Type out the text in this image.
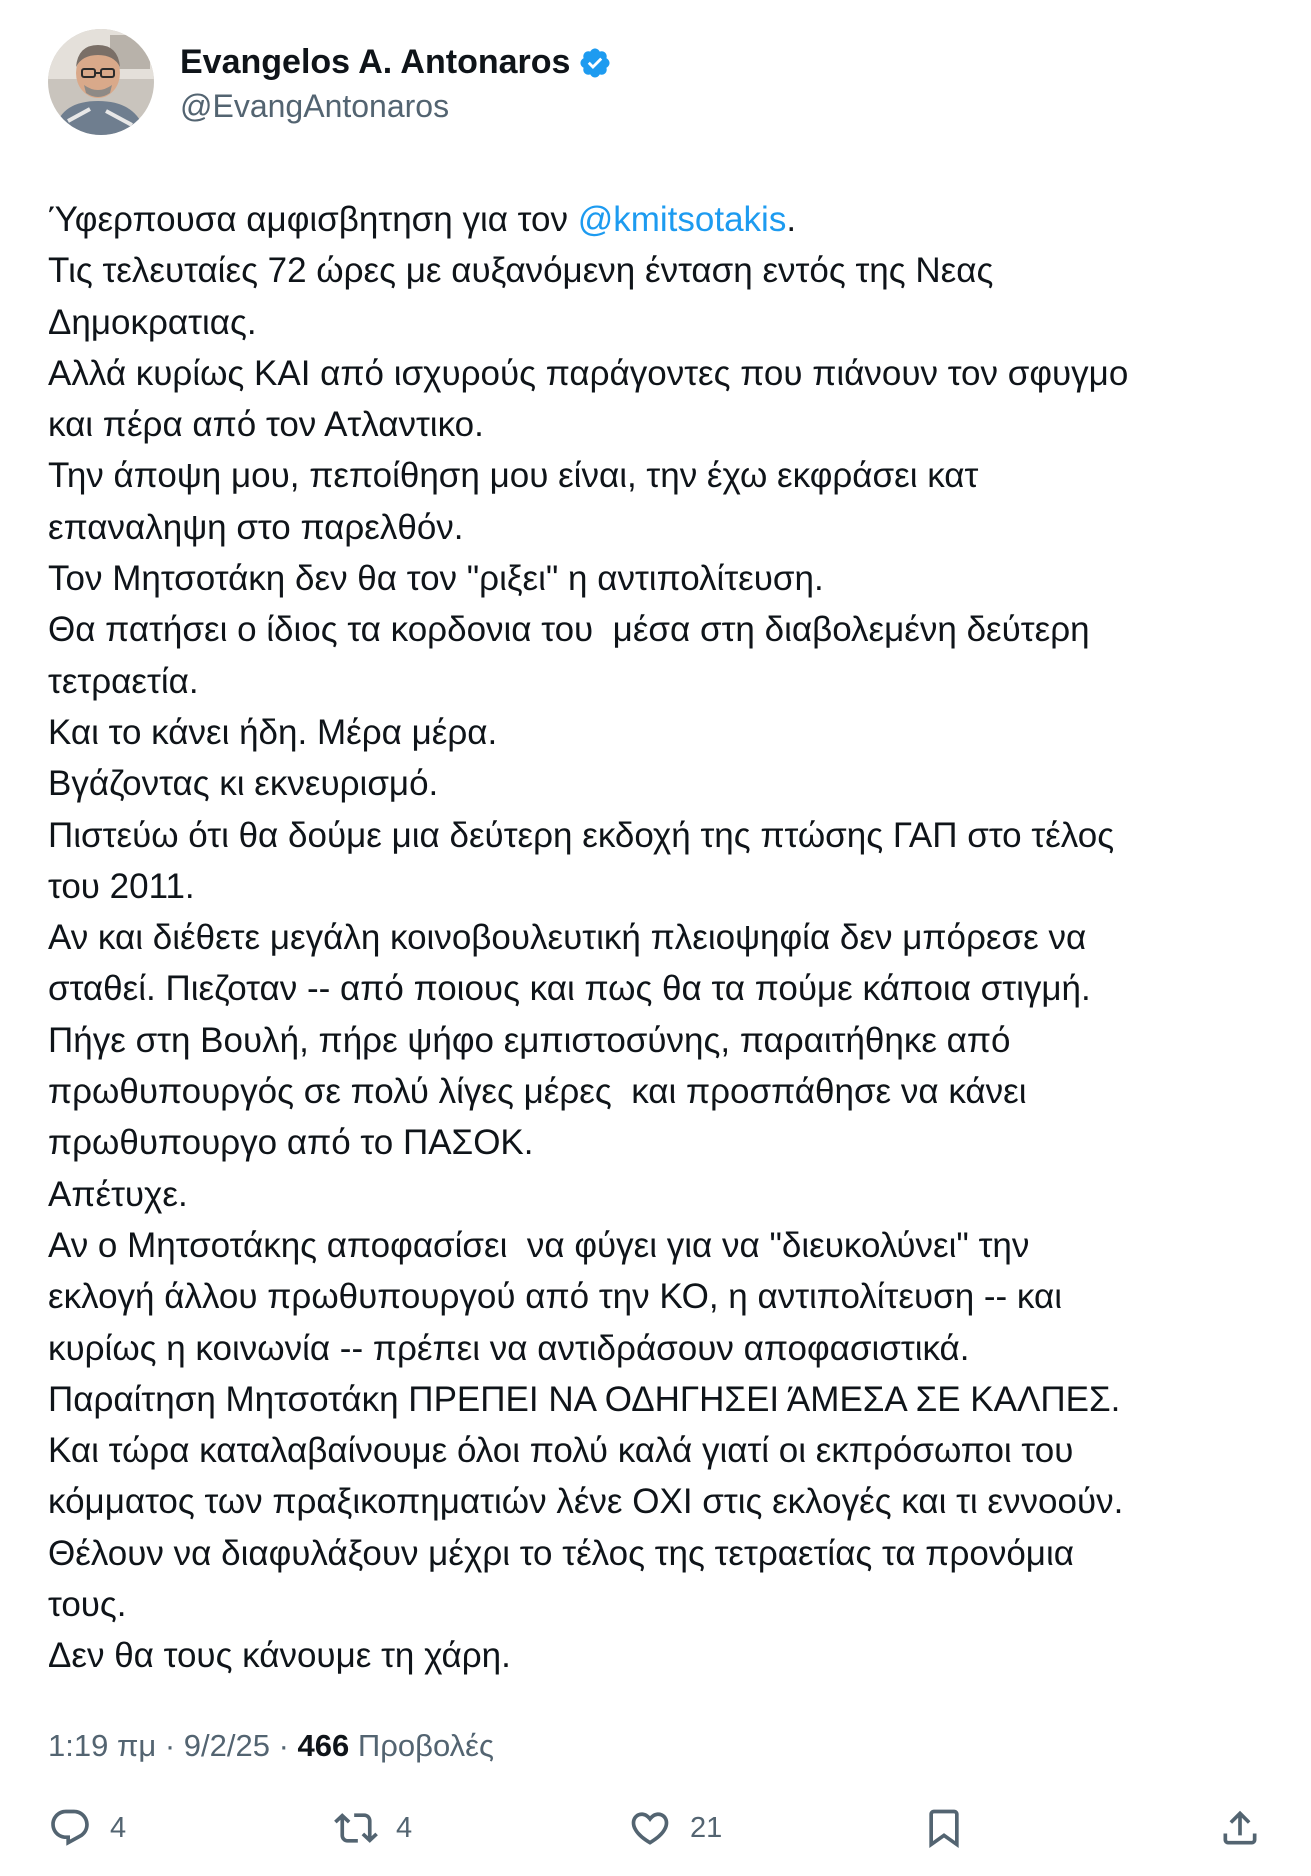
Evangelos A. Antonaros
@EvangAntonaros
Ύφερπουσα αμφισβητηση για τον @kmitsotakis.
Τις τελευταίες 72 ώρες με αυξανόμενη ένταση εντός της Νεας
Δημοκρατιας.
Αλλά κυρίως ΚΑΙ από ισχυρούς παράγοντες που πιάνουν τον σφυγμο
και πέρα από τον Ατλαντικο.
Την άποψη μου, πεποίθηση μου είναι, την έχω εκφράσει κατ
επαναληψη στο παρελθόν.
Τον Μητσοτάκη δεν θα τον "ριξει" η αντιπολίτευση.
Θα πατήσει ο ίδιος τα κορδονια του  μέσα στη διαβολεμένη δεύτερη
τετραετία.
Και το κάνει ήδη. Μέρα μέρα.
Βγάζοντας κι εκνευρισμό.
Πιστεύω ότι θα δούμε μια δεύτερη εκδοχή της πτώσης ΓΑΠ στο τέλος
του 2011.
Αν και διέθετε μεγάλη κοινοβουλευτική πλειοψηφία δεν μπόρεσε να
σταθεί. Πιεζοταν -- από ποιους και πως θα τα πούμε κάποια στιγμή.
Πήγε στη Βουλή, πήρε ψήφο εμπιστοσύνης, παραιτήθηκε από
πρωθυπουργός σε πολύ λίγες μέρες  και προσπάθησε να κάνει
πρωθυπουργο από το ΠΑΣΟΚ.
Απέτυχε.
Αν ο Μητσοτάκης αποφασίσει  να φύγει για να "διευκολύνει" την
εκλογή άλλου πρωθυπουργού από την ΚΟ, η αντιπολίτευση -- και
κυρίως η κοινωνία -- πρέπει να αντιδράσουν αποφασιστικά.
Παραίτηση Μητσοτάκη ΠΡΕΠΕΙ ΝΑ ΟΔΗΓΗΣΕΙ ΆΜΕΣΑ ΣΕ ΚΑΛΠΕΣ.
Και τώρα καταλαβαίνουμε όλοι πολύ καλά γιατί οι εκπρόσωποι του
κόμματος των πραξικοπηματιών λένε ΟΧΙ στις εκλογές και τι εννοούν.
Θέλουν να διαφυλάξουν μέχρι το τέλος της τετραετίας τα προνόμια
τους.
Δεν θα τους κάνουμε τη χάρη.
1:19 πμ · 9/2/25 · 466 Προβολές
4	4	21
